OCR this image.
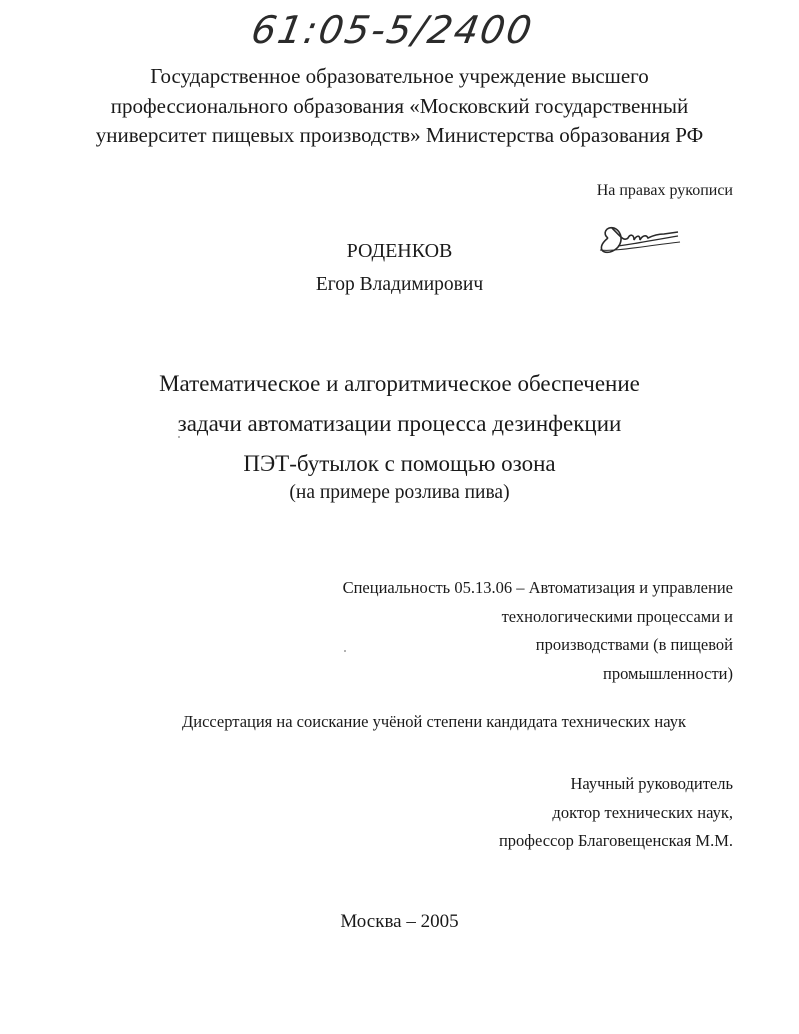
61:05-5/2400
Государственное образовательное учреждение высшего
профессионального образования «Московский государственный
университет пищевых производств» Министерства образования РФ
На правах рукописи
РОДЕНКОВ
Егор Владимирович
Математическое и алгоритмическое обеспечение
задачи автоматизации процесса дезинфекции
ПЭТ-бутылок с помощью озона
(на примере розлива пива)
Специальность 05.13.06 – Автоматизация и управление
технологическими процессами и
производствами (в пищевой
промышленности)
Диссертация на соискание учёной степени кандидата технических наук
Научный руководитель
доктор технических наук,
профессор Благовещенская М.М.
Москва – 2005
